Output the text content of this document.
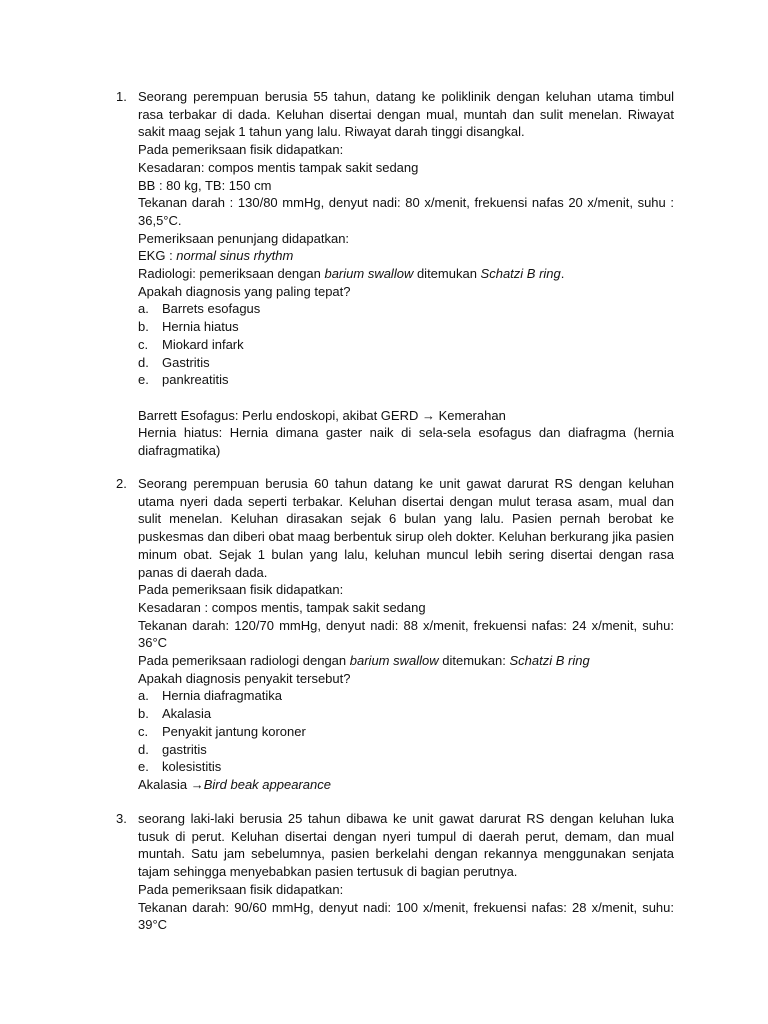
1. Seorang perempuan berusia 55 tahun, datang ke poliklinik dengan keluhan utama timbul
rasa terbakar di dada. Keluhan disertai dengan mual, muntah dan sulit menelan. Riwayat
sakit maag sejak 1 tahun yang lalu. Riwayat darah tinggi disangkal.
Pada pemeriksaan fisik didapatkan:
Kesadaran: compos mentis tampak sakit sedang
BB : 80 kg, TB: 150 cm
Tekanan darah : 130/80 mmHg, denyut nadi: 80 x/menit, frekuensi nafas 20 x/menit, suhu :
36,5°C.
Pemeriksaan penunjang didapatkan:
EKG : normal sinus rhythm
Radiologi: pemeriksaan dengan barium swallow ditemukan Schatzi B ring.
Apakah diagnosis yang paling tepat?
a. Barrets esofagus
b. Hernia hiatus
c. Miokard infark
d. Gastritis
e. pankreatitis
Barrett Esofagus: Perlu endoskopi, akibat GERD → Kemerahan
Hernia hiatus: Hernia dimana gaster naik di sela-sela esofagus dan diafragma (hernia
diafragmatika)
2. Seorang perempuan berusia 60 tahun datang ke unit gawat darurat RS dengan keluhan
utama nyeri dada seperti terbakar. Keluhan disertai dengan mulut terasa asam, mual dan
sulit menelan. Keluhan dirasakan sejak 6 bulan yang lalu. Pasien pernah berobat ke
puskesmas dan diberi obat maag berbentuk sirup oleh dokter. Keluhan berkurang jika pasien
minum obat. Sejak 1 bulan yang lalu, keluhan muncul lebih sering disertai dengan rasa
panas di daerah dada.
Pada pemeriksaan fisik didapatkan:
Kesadaran : compos mentis, tampak sakit sedang
Tekanan darah: 120/70 mmHg, denyut nadi: 88 x/menit, frekuensi nafas: 24 x/menit, suhu:
36°C
Pada pemeriksaan radiologi dengan barium swallow ditemukan: Schatzi B ring
Apakah diagnosis penyakit tersebut?
a. Hernia diafragmatika
b. Akalasia
c. Penyakit jantung koroner
d. gastritis
e. kolesistitis
Akalasia →Bird beak appearance
3. seorang laki-laki berusia 25 tahun dibawa ke unit gawat darurat RS dengan keluhan luka
tusuk di perut. Keluhan disertai dengan nyeri tumpul di daerah perut, demam, dan mual
muntah. Satu jam sebelumnya, pasien berkelahi dengan rekannya menggunakan senjata
tajam sehingga menyebabkan pasien tertusuk di bagian perutnya.
Pada pemeriksaan fisik didapatkan:
Tekanan darah: 90/60 mmHg, denyut nadi: 100 x/menit, frekuensi nafas: 28 x/menit, suhu:
39°C
